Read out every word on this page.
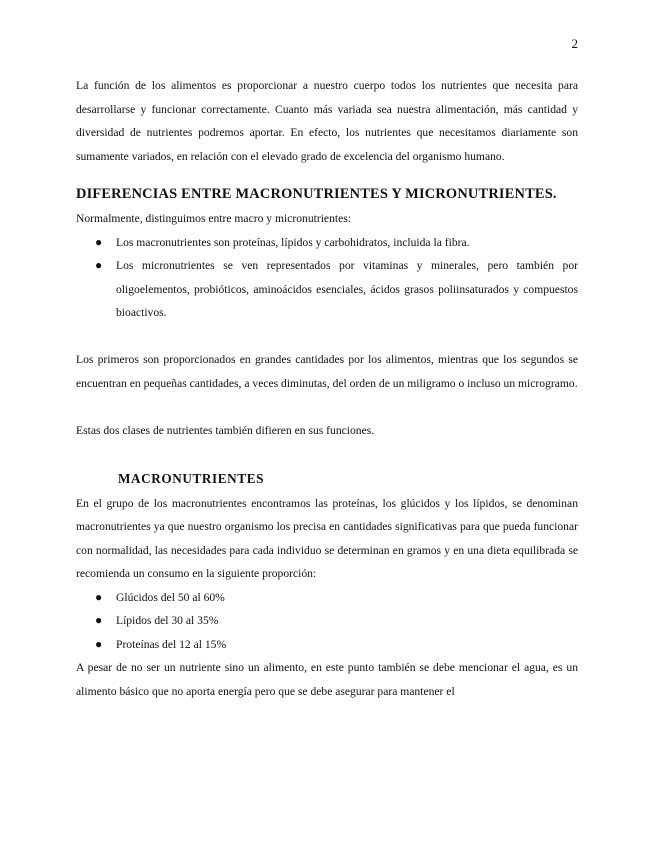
2

La función de los alimentos es proporcionar a nuestro cuerpo todos los nutrientes que necesita para desarrollarse y funcionar correctamente. Cuanto más variada sea nuestra alimentación, más cantidad y diversidad de nutrientes podremos aportar. En efecto, los nutrientes que necesitamos diariamente son sumamente variados, en relación con el elevado grado de excelencia del organismo humano.

DIFERENCIAS ENTRE MACRONUTRIENTES Y MICRONUTRIENTES.

Normalmente, distinguimos entre macro y micronutrientes:

● Los macronutrientes son proteínas, lípidos y carbohidratos, incluida la fibra.
● Los micronutrientes se ven representados por vitaminas y minerales, pero también por oligoelementos, probióticos, aminoácidos esenciales, ácidos grasos poliinsaturados y compuestos bioactivos.

Los primeros son proporcionados en grandes cantidades por los alimentos, mientras que los segundos se encuentran en pequeñas cantidades, a veces diminutas, del orden de un miligramo o incluso un microgramo.

Estas dos clases de nutrientes también difieren en sus funciones.

MACRONUTRIENTES

En el grupo de los macronutrientes encontramos las proteínas, los glúcidos y los lípidos, se denominan macronutrientes ya que nuestro organismo los precisa en cantidades significativas para que pueda funcionar con normalidad, las necesidades para cada individuo se determinan en gramos y en una dieta equilibrada se recomienda un consumo en la siguiente proporción:

● Glúcidos del 50 al 60%
● Lípidos del 30 al 35%
● Proteínas del 12 al 15%

A pesar de no ser un nutriente sino un alimento, en este punto también se debe mencionar el agua, es un alimento básico que no aporta energía pero que se debe asegurar para mantener el
